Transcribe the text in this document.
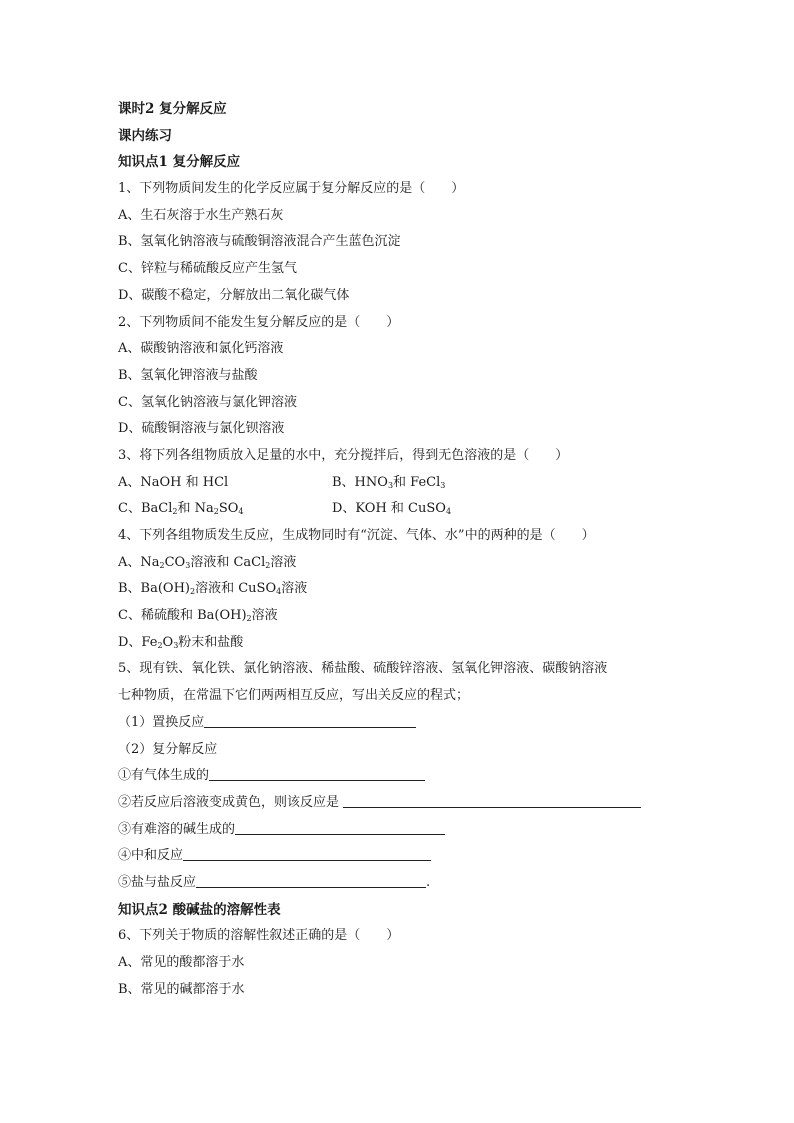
课时2 复分解反应
课内练习
知识点1 复分解反应
1、下列物质间发生的化学反应属于复分解反应的是（　　）
A、生石灰溶于水生产熟石灰
B、氢氧化钠溶液与硫酸铜溶液混合产生蓝色沉淀
C、锌粒与稀硫酸反应产生氢气
D、碳酸不稳定，分解放出二氧化碳气体
2、下列物质间不能发生复分解反应的是（　　）
A、碳酸钠溶液和氯化钙溶液
B、氢氧化钾溶液与盐酸
C、氢氧化钠溶液与氯化钾溶液
D、硫酸铜溶液与氯化钡溶液
3、将下列各组物质放入足量的水中，充分搅拌后，得到无色溶液的是（　　）
A、NaOH 和 HCl	B、$HNO_3$和 FeCl$_3$
C、BaCl$_2$和 $Na_2SO_4$	D、KOH 和 CuSO$_4$
4、下列各组物质发生反应，生成物同时有“沉淀、气体、水”中的两种的是（　　）
A、$Na_2CO_3$溶液和 CaCl$_2$溶液
B、$Ba(OH)_2$溶液和 CuSO$_4$溶液
C、稀硫酸和 $Ba(OH)_2$溶液
D、$Fe_2O_3$粉末和盐酸
5、现有铁、氧化铁、氯化钠溶液、稀盐酸、硫酸锌溶液、氢氧化钾溶液、碳酸钠溶液
七种物质，在常温下它们两两相互反应，写出关反应的程式；
（1）置换反应
（2）复分解反应
①有气体生成的
②若反应后溶液变成黄色，则该反应是
③有难溶的碱生成的
④中和反应
⑤盐与盐反应	.
知识点2 酸碱盐的溶解性表
6、下列关于物质的溶解性叙述正确的是（　　）
A、常见的酸都溶于水
B、常见的碱都溶于水
